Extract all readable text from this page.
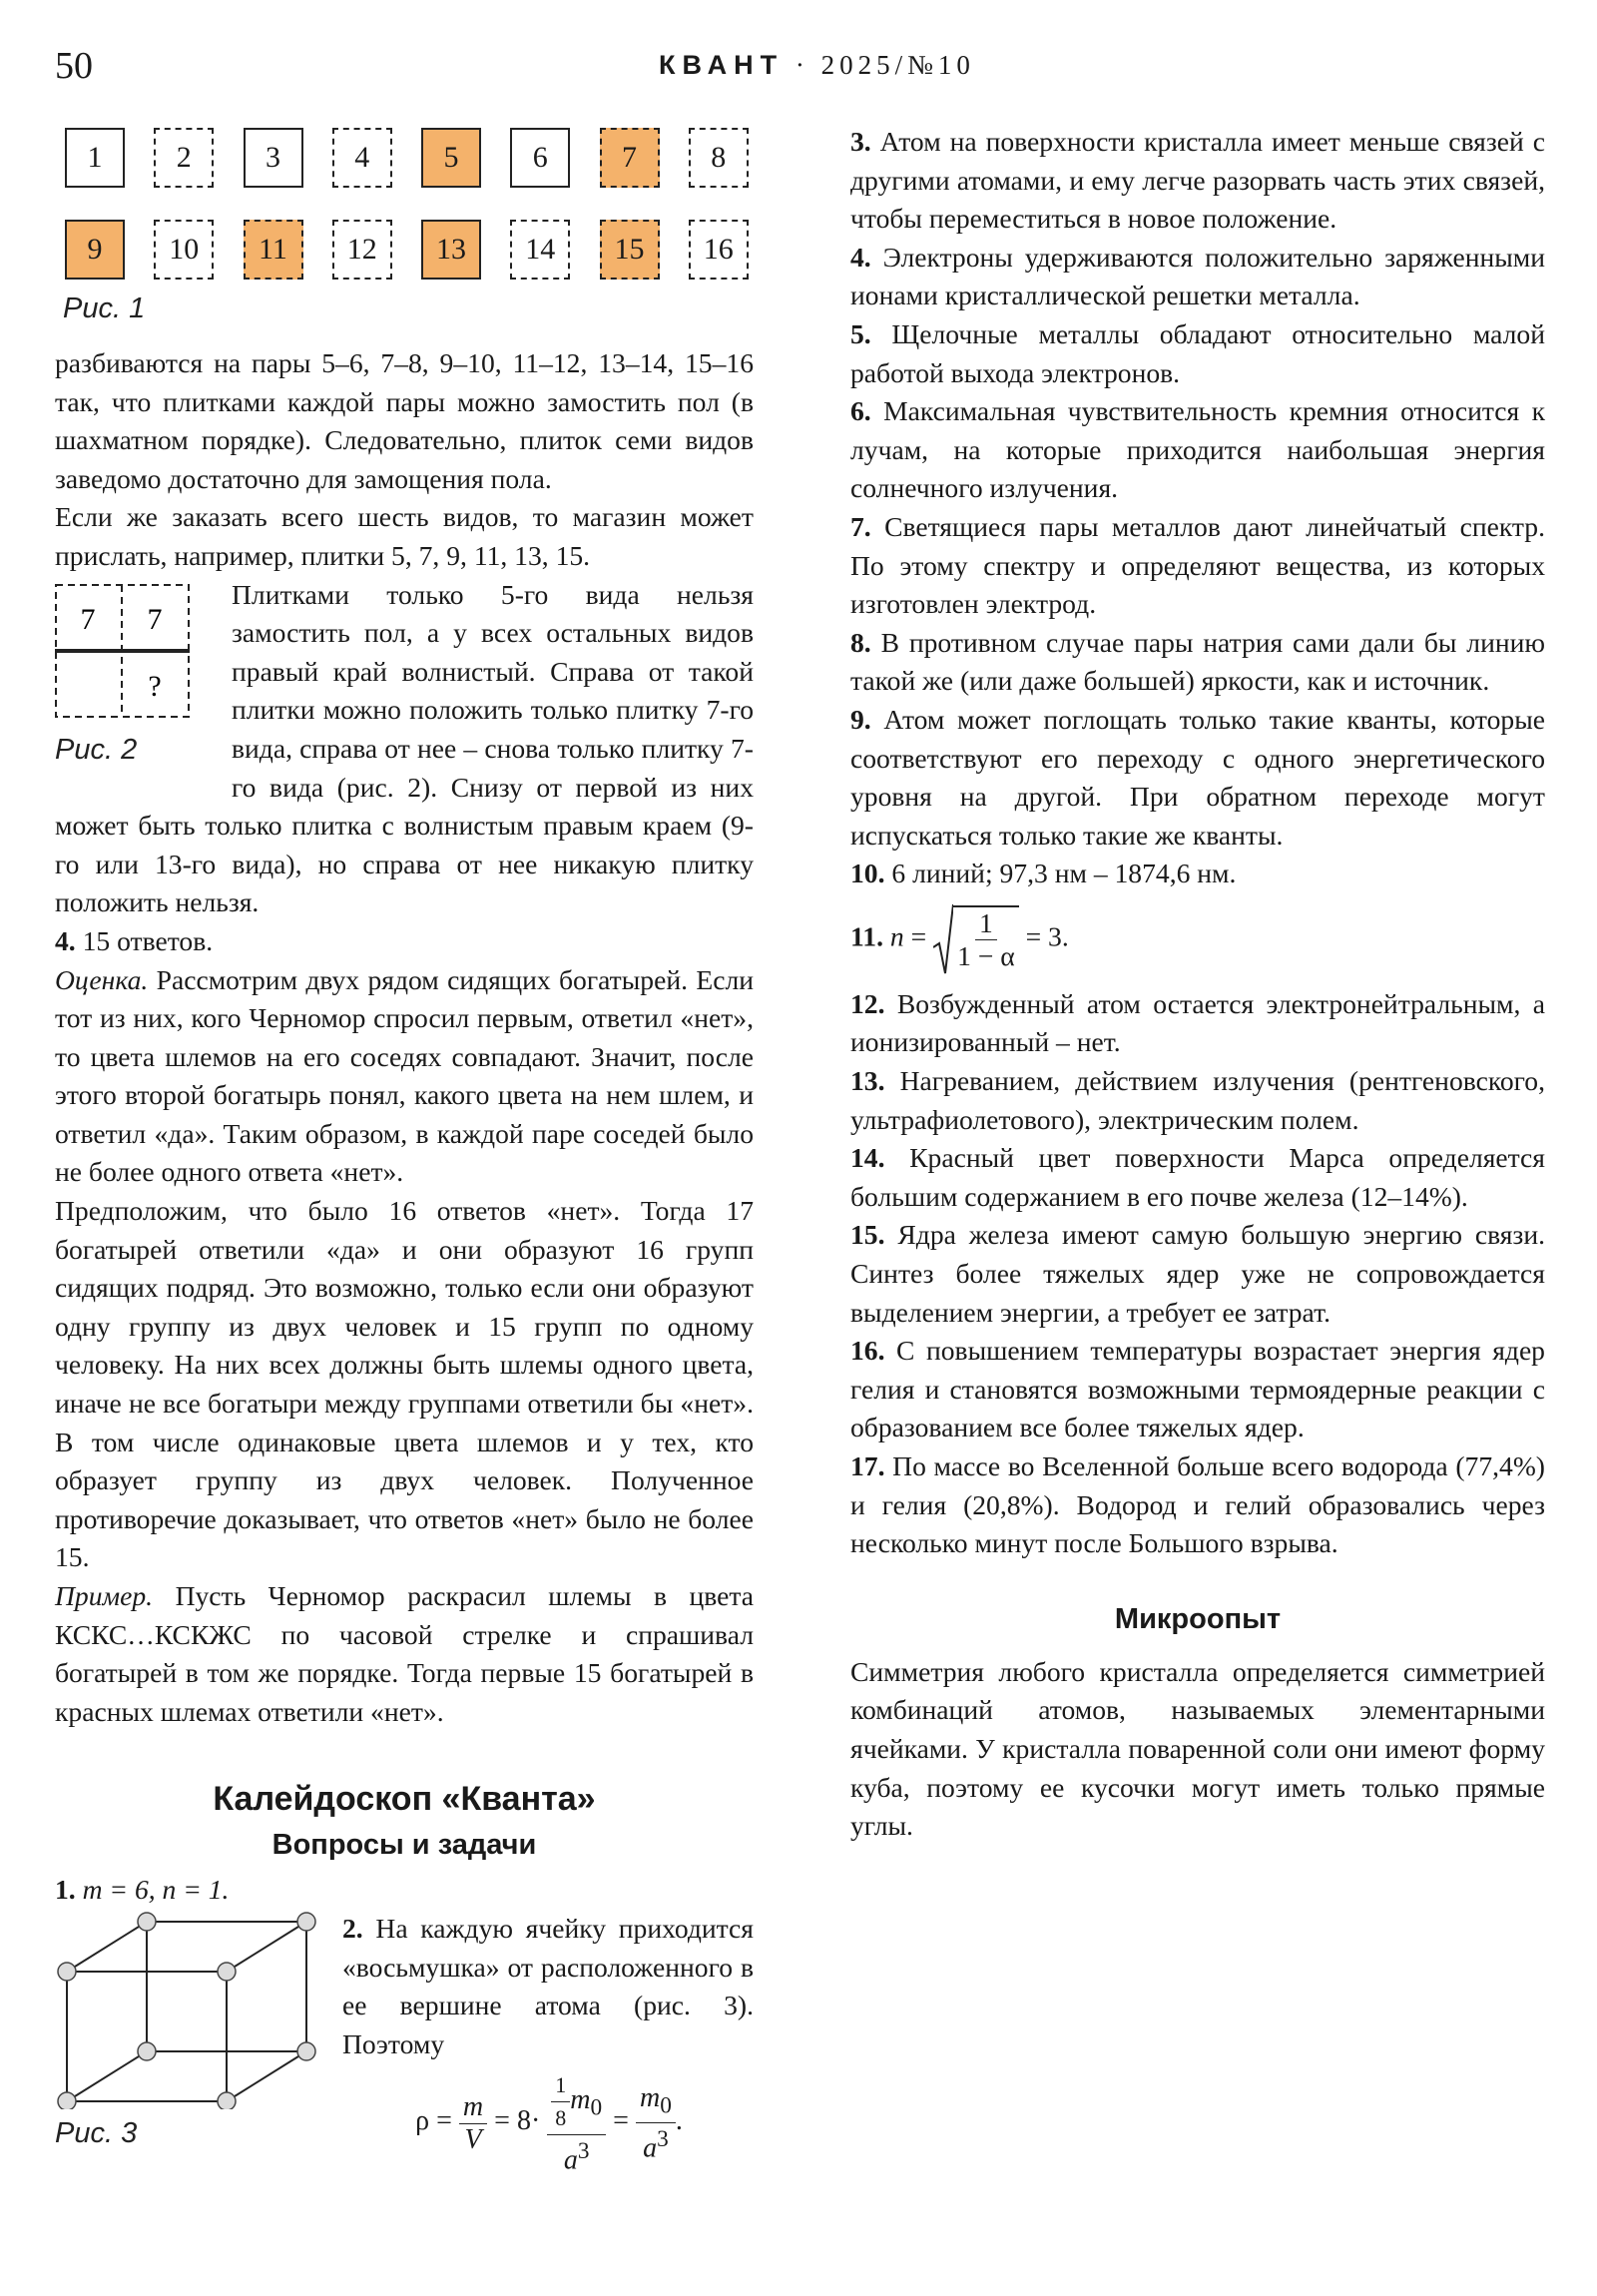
50	КВАНТ · 2025/№10
Рис. 1
1	2	3	4	5	6	7	8
9	10	11	12	13	14	15	16

разбиваются на пары 5–6, 7–8, 9–10, 11–12, 13–14, 15–16 так, что плитками каждой пары можно замостить пол (в шахматном порядке). Следовательно, плиток семи видов заведомо достаточно для замощения пола.

Если же заказать всего шесть видов, то магазин может прислать, например, плитки 5, 7, 9, 11, 13, 15.

7 7
?
Рис. 2

Плитками только 5-го вида нельзя замостить пол, а у всех остальных видов правый край волнистый. Справа от такой плитки можно положить только плитку 7-го вида, справа от нее – снова только плитку 7-го вида (рис. 2). Снизу от первой из них может быть только плитка с волнистым правым краем (9-го или 13-го вида), но справа от нее никакую плитку положить нельзя.

4. 15 ответов.

Оценка. Рассмотрим двух рядом сидящих богатырей. Если тот из них, кого Черномор спросил первым, ответил «нет», то цвета шлемов на его соседях совпадают. Значит, после этого второй богатырь понял, какого цвета на нем шлем, и ответил «да». Таким образом, в каждой паре соседей было не более одного ответа «нет».

Предположим, что было 16 ответов «нет». Тогда 17 богатырей ответили «да» и они образуют 16 групп сидящих подряд. Это возможно, только если они образуют одну группу из двух человек и 15 групп по одному человеку. На них всех должны быть шлемы одного цвета, иначе не все богатыри между группами ответили бы «нет». В том числе одинаковые цвета шлемов и у тех, кто образует группу из двух человек. Полученное противоречие доказывает, что ответов «нет» было не более 15.

Пример. Пусть Черномор раскрасил шлемы в цвета КСКС…КСКЖС по часовой стрелке и спрашивал богатырей в том же порядке. Тогда первые 15 богатырей в красных шлемах ответили «нет».

Калейдоскоп «Кванта»
Вопросы и задачи

1. m = 6, n = 1.

Рис. 3

2. На каждую ячейку приходится «восьмушка» от расположенного в ее вершине атома (рис. 3). Поэтому

$\rho = \frac{m}{V} = 8\cdot \frac{\frac{1}{8} m_0}{a^3} = \frac{m_0}{a^3}$ .

3. Атом на поверхности кристалла имеет меньше связей с другими атомами, и ему легче разорвать часть этих связей, чтобы переместиться в новое положение.

4. Электроны удерживаются положительно заряженными ионами кристаллической решетки металла.

5. Щелочные металлы обладают относительно малой работой выхода электронов.

6. Максимальная чувствительность кремния относится к лучам, на которые приходится наибольшая энергия солнечного излучения.

7. Светящиеся пары металлов дают линейчатый спектр. По этому спектру и определяют вещества, из которых изготовлен электрод.

8. В противном случае пары натрия сами дали бы линию такой же (или даже большей) яркости, как и источник.

9. Атом может поглощать только такие кванты, которые соответствуют его переходу с одного энергетического уровня на другой. При обратном переходе могут испускаться только такие же кванты.

10. 6 линий; 97,3 нм – 1874,6 нм.

11. $n = \frac{1}{1 - \alpha} = 3$.

12. Возбужденный атом остается электронейтральным, а ионизированный – нет.

13. Нагреванием, действием излучения (рентгеновского, ультрафиолетового), электрическим полем.

14. Красный цвет поверхности Марса определяется большим содержанием в его почве железа (12–14%).

15. Ядра железа имеют самую большую энергию связи. Синтез более тяжелых ядер уже не сопровождается выделением энергии, а требует ее затрат.

16. С повышением температуры возрастает энергия ядер гелия и становятся возможными термоядерные реакции с образованием все более тяжелых ядер.

17. По массе во Вселенной больше всего водорода (77,4%) и гелия (20,8%). Водород и гелий образовались через несколько минут после Большого взрыва.

Микроопыт

Симметрия любого кристалла определяется симметрией комбинаций атомов, называемых элементарными ячейками. У кристалла поваренной соли они имеют форму куба, поэтому ее кусочки могут иметь только прямые углы.
